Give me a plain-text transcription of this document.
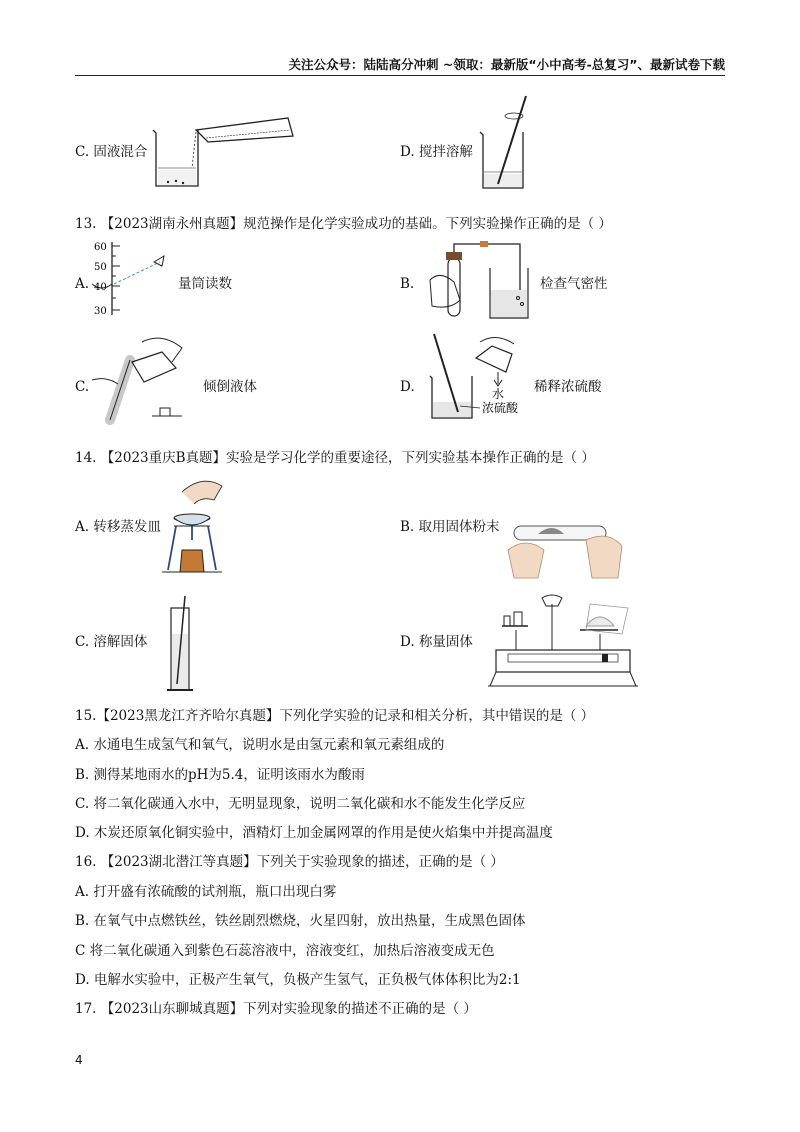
关注公众号：陆陆高分冲刺 ~领取：最新版“小中高考-总复习”、最新试卷下载
C. 固液混合	D. 搅拌溶解
13. 【2023湖南永州真题】规范操作是化学实验成功的基础。下列实验操作正确的是（ ）
A.
60
50
40
30
量筒读数	B.	检查气密性
C.	倾倒液体	D.	水
浓硫酸
稀释浓硫酸
14. 【2023重庆B真题】实验是学习化学的重要途径，下列实验基本操作正确的是（ ）
A. 转移蒸发皿	B. 取用固体粉末
C. 溶解固体	D. 称量固体
15.【2023黑龙江齐齐哈尔真题】下列化学实验的记录和相关分析，其中错误的是（ ）
A. 水通电生成氢气和氧气，说明水是由氢元素和氧元素组成的
B. 测得某地雨水的pH为5.4，证明该雨水为酸雨
C. 将二氧化碳通入水中，无明显现象，说明二氧化碳和水不能发生化学反应
D. 木炭还原氧化铜实验中，酒精灯上加金属网罩的作用是使火焰集中并提高温度
16. 【2023湖北潜江等真题】下列关于实验现象的描述，正确的是（ ）
A. 打开盛有浓硫酸的试剂瓶，瓶口出现白雾
B. 在氧气中点燃铁丝，铁丝剧烈燃烧，火星四射，放出热量，生成黑色固体
C 将二氧化碳通入到紫色石蕊溶液中，溶液变红，加热后溶液变成无色
D. 电解水实验中，正极产生氧气，负极产生氢气，正负极气体体积比为2:1
17. 【2023山东聊城真题】下列对实验现象的描述不正确的是（ ）
4
